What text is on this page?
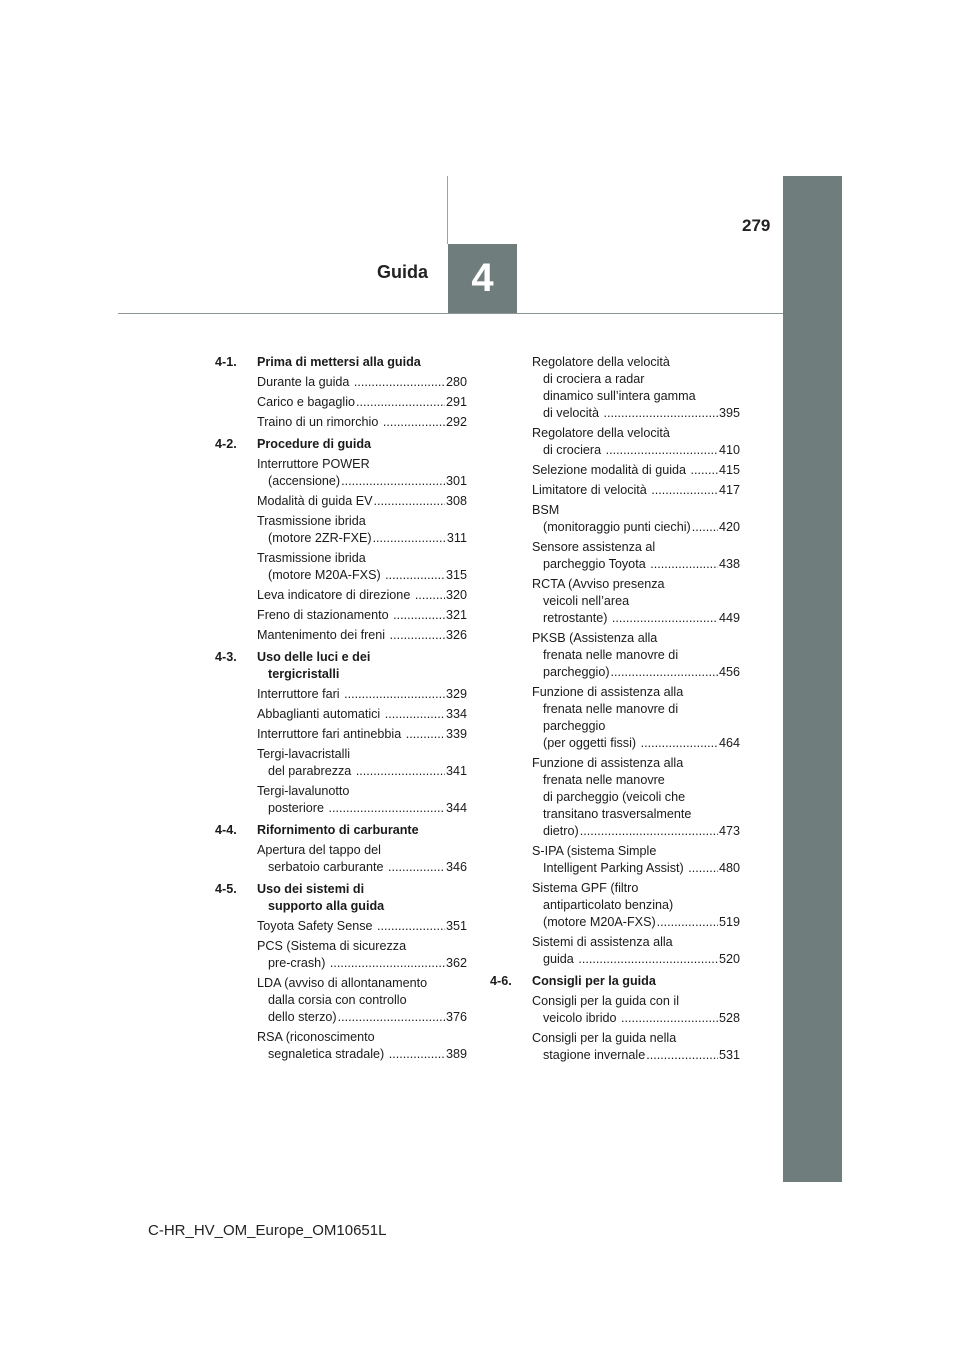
4
Guida
279
4-1.	Prima di mettersi alla guida
Durante la guida .....	280
Carico e bagaglio .....	291
Traino di un rimorchio .....	292
4-2.	Procedure di guida
Interruttore POWER
(accensione) .....	301
Modalità di guida EV .....	308
Trasmissione ibrida
(motore 2ZR-FXE) .....	311
Trasmissione ibrida
(motore M20A-FXS) .....	315
Leva indicatore di direzione .....	320
Freno di stazionamento .....	321
Mantenimento dei freni .....	326
4-3.	Uso delle luci e dei
tergicristalli
Interruttore fari .....	329
Abbaglianti automatici .....	334
Interruttore fari antinebbia .....	339
Tergi-lavacristalli
del parabrezza .....	341
Tergi-lavalunotto
posteriore .....	344
4-4.	Rifornimento di carburante
Apertura del tappo del
serbatoio carburante .....	346
4-5.	Uso dei sistemi di
supporto alla guida
Toyota Safety Sense .....	351
PCS (Sistema di sicurezza
pre-crash) .....	362
LDA (avviso di allontanamento
dalla corsia con controllo
dello sterzo) .....	376
RSA (riconoscimento
segnaletica stradale) .....	389
Regolatore della velocità
di crociera a radar
dinamico sull’intera gamma
di velocità .....	395
Regolatore della velocità
di crociera .....	410
Selezione modalità di guida ..... 415
Limitatore di velocità .....	417
BSM
(monitoraggio punti ciechi) ..... 420
Sensore assistenza al
parcheggio Toyota .....	438
RCTA (Avviso presenza
veicoli nell’area
retrostante) .....	449
PKSB (Assistenza alla
frenata nelle manovre di
parcheggio) .....	456
Funzione di assistenza alla
frenata nelle manovre di
parcheggio
(per oggetti fissi) .....	464
Funzione di assistenza alla
frenata nelle manovre
di parcheggio (veicoli che
transitano trasversalmente
dietro) .....	473
S-IPA (sistema Simple
Intelligent Parking Assist) .....	480
Sistema GPF (filtro
antiparticolato benzina)
(motore M20A-FXS) .....	519
Sistemi di assistenza alla
guida .....	520
4-6.	Consigli per la guida
Consigli per la guida con il
veicolo ibrido .....	528
Consigli per la guida nella
stagione invernale .....	531
C-HR_HV_OM_Europe_OM10651L
